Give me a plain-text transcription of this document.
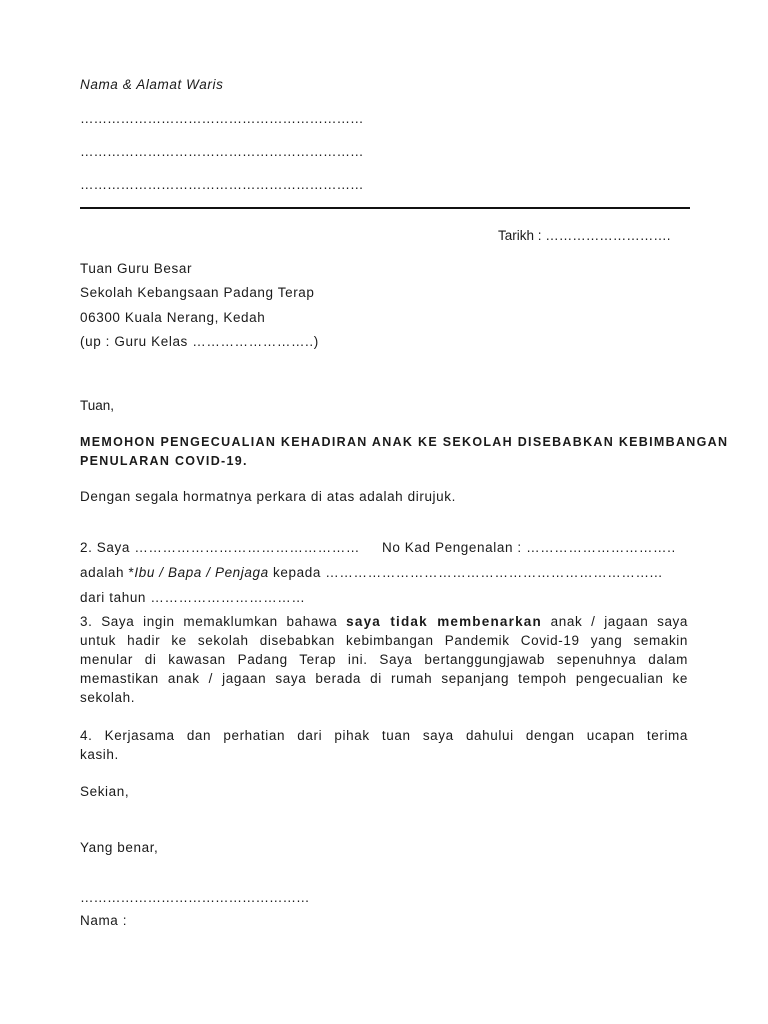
Nama & Alamat Waris
………………………………………………………
………………………………………………………
………………………………………………………
Tarikh : ……………………….
Tuan Guru Besar
Sekolah Kebangsaan Padang Terap
06300 Kuala Nerang, Kedah
(up : Guru Kelas ……………………..)
Tuan,
MEMOHON PENGECUALIAN KEHADIRAN ANAK KE SEKOLAH DISEBABKAN KEBIMBANGAN
PENULARAN COVID-19.
Dengan segala hormatnya perkara di atas adalah dirujuk.
2. Saya ………………………………………… No Kad Pengenalan : …………………………..
adalah *Ibu / Bapa / Penjaga kepada ……………………………………………………………...
dari tahun ……………………………
3. Saya ingin memaklumkan bahawa saya tidak membenarkan anak / jagaan saya
untuk hadir ke sekolah disebabkan kebimbangan Pandemik Covid-19 yang semakin
menular di kawasan Padang Terap ini. Saya bertanggungjawab sepenuhnya dalam
memastikan anak / jagaan saya berada di rumah sepanjang tempoh pengecualian ke
sekolah.
4. Kerjasama dan perhatian dari pihak tuan saya dahului dengan ucapan terima
kasih.
Sekian,
Yang benar,
……………………………………………
Nama :
